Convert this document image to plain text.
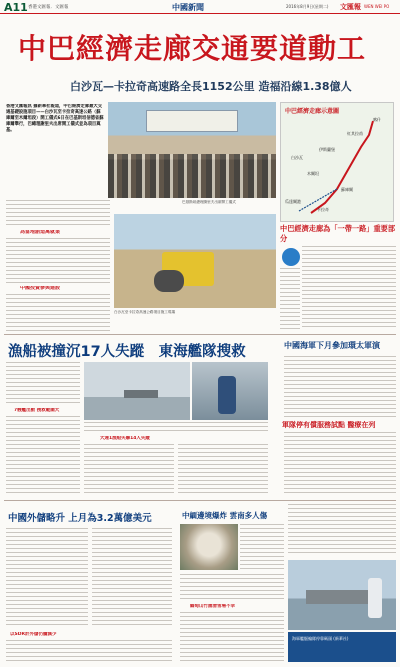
A11 香港文匯報．文匯報	中國新聞	2016年8月9日(星期二) 文匯報 WEN WEI PO
中巴經濟走廊交通要道動工
白沙瓦—卡拉奇高速路全長1152公里 造福沿線1.38億人
香港文匯報訊 據新華社報道，中巴經濟走廊最大交通基礎設施項目——白沙瓦至卡拉奇高速公路（蘇庫爾至木爾坦段）開工儀式6日在巴基斯坦信德省蘇庫爾舉行，巴總理謝里夫出席開工儀式並為項目奠基。
巴基斯坦總理謝里夫出席開工儀式
中巴經濟走廊示意圖
喀什
紅其拉甫
伊斯蘭堡
白沙瓦
木爾坦
蘇庫爾
卡拉奇
瓜達爾港
為當地創造萬就業
中國投資參與建設
白沙瓦至卡拉奇高速公路項目施工現場
中巴經濟走廊為「一帶一路」重要部分
漁船被撞沉17人失蹤　東海艦隊搜救
7艘艦出動 搜救範圍大
大連1漁船失聯14人失蹤
中國海軍下月參加環太軍演
軍隊停有償服務試點 醫療在列
中國外儲略升 上月為3.2萬億美元
以SDR計外儲仍續減少
中緬邊境爆炸 雲南多人傷
緬甸山竹園滑雪場不幸
海軍艦艇編隊停靠碼頭 (新華社)
